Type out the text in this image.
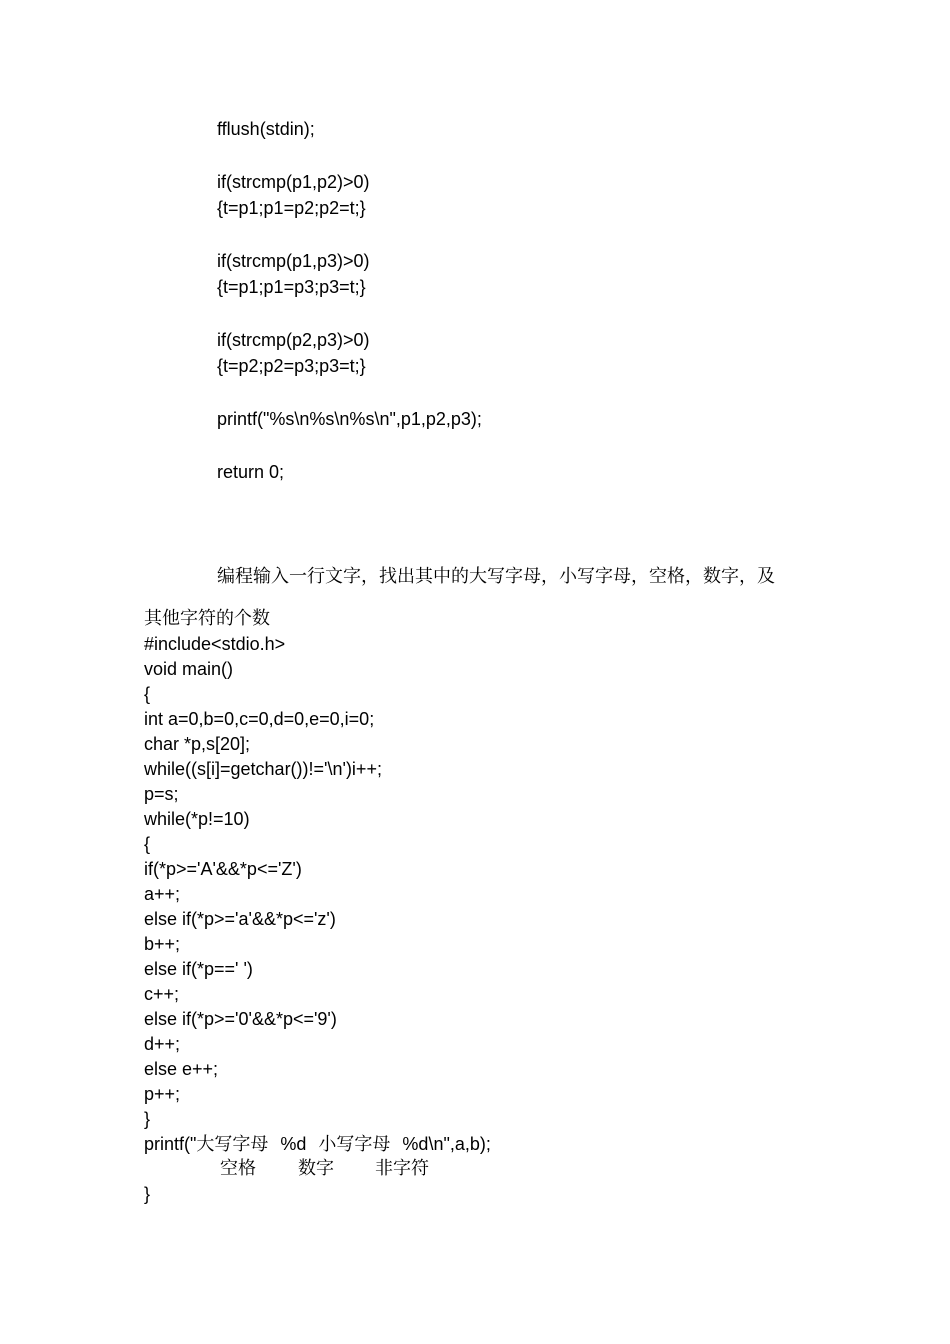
fflush(stdin);
if(strcmp(p1,p2)>0)
{t=p1;p1=p2;p2=t;}
if(strcmp(p1,p3)>0)
{t=p1;p1=p3;p3=t;}
if(strcmp(p2,p3)>0)
{t=p2;p2=p3;p3=t;}
printf("%s\n%s\n%s\n",p1,p2,p3);
return 0;
编程输入一行文字，找出其中的大写字母，小写字母，空格，数字，及
其他字符的个数
#include<stdio.h>
void main()
{
int a=0,b=0,c=0,d=0,e=0,i=0;
char *p,s[20];
while((s[i]=getchar())!='\n')i++;
p=s;
while(*p!=10)
{
if(*p>='A'&&*p<='Z')
a++;
else if(*p>='a'&&*p<='z')
b++;
else if(*p==' ')
c++;
else if(*p>='0'&&*p<='9')
d++;
else e++;
p++;
}
printf("大写字母 %d 小写字母 %d\n",a,b);
空格 数字 非字符
}
